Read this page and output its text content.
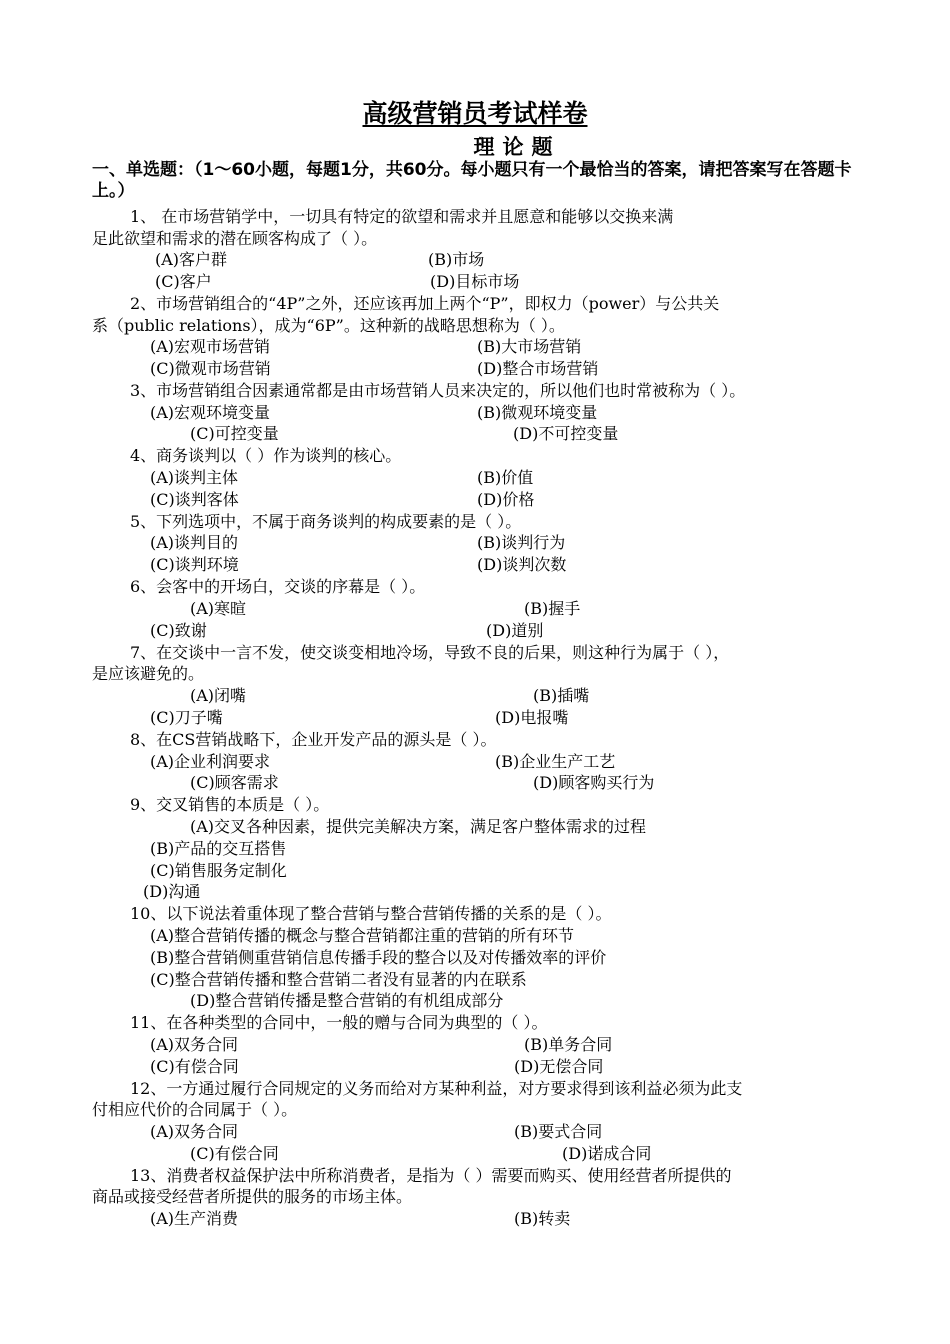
高级营销员考试样卷
理论题
一、单选题：（1～60小题，每题1分，共60分。每小题只有一个最恰当的答案，请把答案写在答题卡上。）
1、 在市场营销学中，一切具有特定的欲望和需求并且愿意和能够以交换来满
足此欲望和需求的潜在顾客构成了（ ）。
(A)客户群	(B)市场
(C)客户	(D)目标市场
2、市场营销组合的“4P”之外，还应该再加上两个“P”，即权力（power）与公共关
系（public relations），成为“6P”。这种新的战略思想称为（ ）。
(A)宏观市场营销	(B)大市场营销
(C)微观市场营销	(D)整合市场营销
3、市场营销组合因素通常都是由市场营销人员来决定的，所以他们也时常被称为（ ）。
(A)宏观环境变量	(B)微观环境变量
(C)可控变量	(D)不可控变量
4、商务谈判以（ ）作为谈判的核心。
(A)谈判主体	(B)价值
(C)谈判客体	(D)价格
5、下列选项中，不属于商务谈判的构成要素的是（ ）。
(A)谈判目的	(B)谈判行为
(C)谈判环境	(D)谈判次数
6、会客中的开场白，交谈的序幕是（ ）。
(A)寒暄	(B)握手
(C)致谢	(D)道别
7、在交谈中一言不发，使交谈变相地冷场，导致不良的后果，则这种行为属于（ ），
是应该避免的。
(A)闭嘴	(B)插嘴
(C)刀子嘴	(D)电报嘴
8、在CS营销战略下，企业开发产品的源头是（ ）。
(A)企业利润要求	(B)企业生产工艺
(C)顾客需求	(D)顾客购买行为
9、交叉销售的本质是（ ）。
(A)交叉各种因素，提供完美解决方案，满足客户整体需求的过程
(B)产品的交互搭售
(C)销售服务定制化
(D)沟通
10、以下说法着重体现了整合营销与整合营销传播的关系的是（ ）。
(A)整合营销传播的概念与整合营销都注重的营销的所有环节
(B)整合营销侧重营销信息传播手段的整合以及对传播效率的评价
(C)整合营销传播和整合营销二者没有显著的内在联系
(D)整合营销传播是整合营销的有机组成部分
11、在各种类型的合同中，一般的赠与合同为典型的（ ）。
(A)双务合同	(B)单务合同
(C)有偿合同	(D)无偿合同
12、一方通过履行合同规定的义务而给对方某种利益，对方要求得到该利益必须为此支
付相应代价的合同属于（ ）。
(A)双务合同	(B)要式合同
(C)有偿合同	(D)诺成合同
13、消费者权益保护法中所称消费者，是指为（ ）需要而购买、使用经营者所提供的
商品或接受经营者所提供的服务的市场主体。
(A)生产消费	(B)转卖
